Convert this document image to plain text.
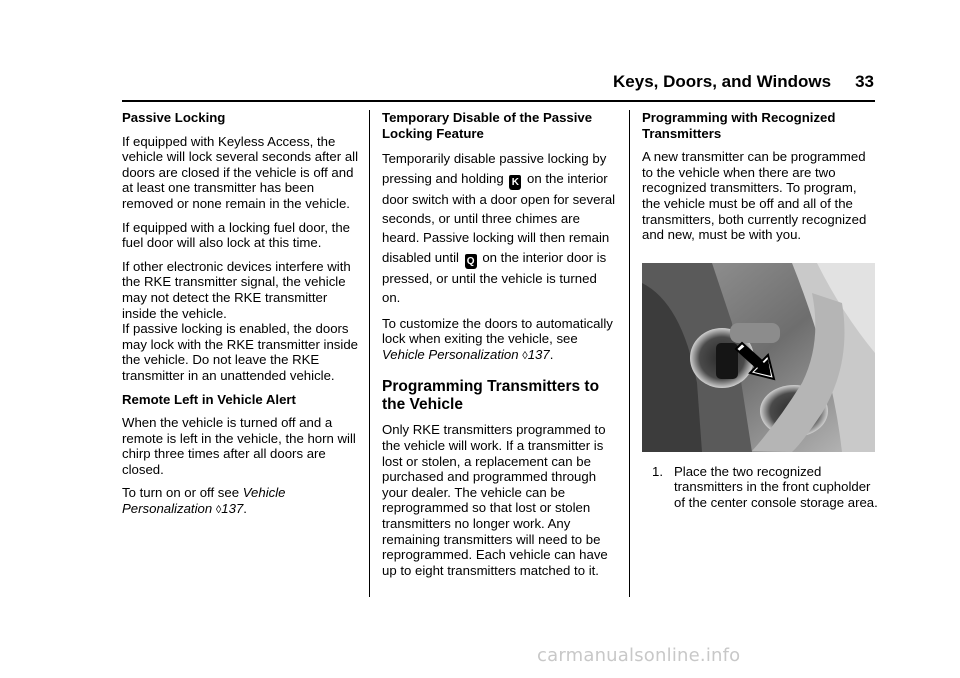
Keys, Doors, and Windows 33
Passive Locking

If equipped with Keyless Access, the vehicle will lock several seconds after all doors are closed if the vehicle is off and at least one transmitter has been removed or none remain in the vehicle.

If equipped with a locking fuel door, the fuel door will also lock at this time.

If other electronic devices interfere with the RKE transmitter signal, the vehicle may not detect the RKE transmitter inside the vehicle.

If passive locking is enabled, the doors may lock with the RKE transmitter inside the vehicle. Do not leave the RKE transmitter in an unattended vehicle.

Remote Left in Vehicle Alert

When the vehicle is turned off and a remote is left in the vehicle, the horn will chirp three times after all doors are closed.

To turn on or off see Vehicle Personalization ◊137.

Temporary Disable of the Passive Locking Feature

Temporarily disable passive locking by pressing and holding K on the interior door switch with a door open for several seconds, or until three chimes are heard. Passive locking will then remain disabled until Q on the interior door is pressed, or until the vehicle is turned on.

To customize the doors to automatically lock when exiting the vehicle, see Vehicle Personalization ◊137.

Programming Transmitters to the Vehicle

Only RKE transmitters programmed to the vehicle will work. If a transmitter is lost or stolen, a replacement can be purchased and programmed through your dealer. The vehicle can be reprogrammed so that lost or stolen transmitters no longer work. Any remaining transmitters will need to be reprogrammed. Each vehicle can have up to eight transmitters matched to it.

Programming with Recognized Transmitters

A new transmitter can be programmed to the vehicle when there are two recognized transmitters. To program, the vehicle must be off and all of the transmitters, both currently recognized and new, must be with you.

1. Place the two recognized transmitters in the front cupholder of the center console storage area.
carmanualsonline.info
